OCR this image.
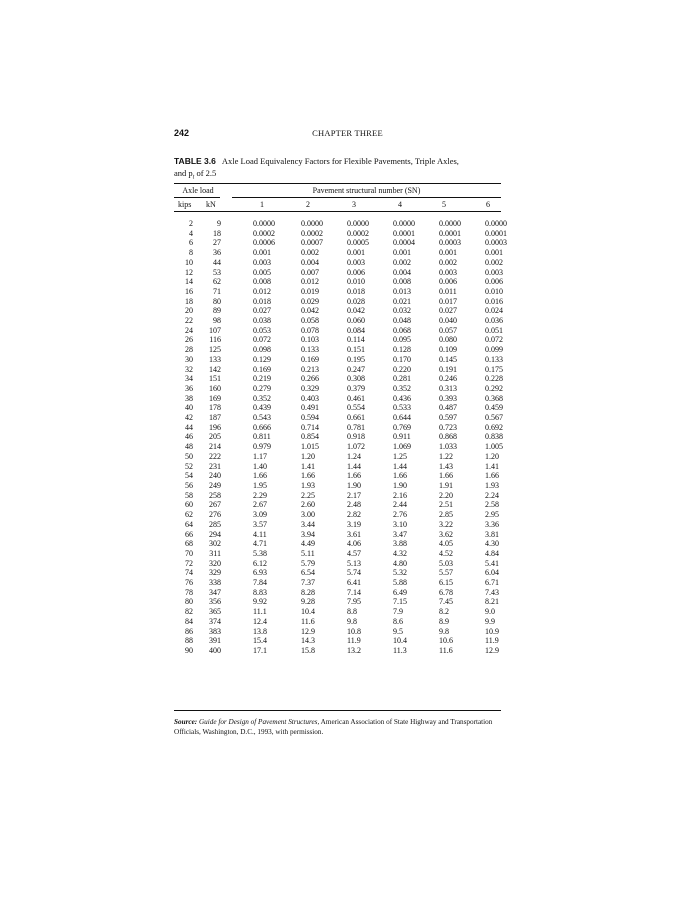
242	CHAPTER THREE
TABLE 3.6 Axle Load Equivalency Factors for Flexible Pavements, Triple Axles,
and $p_t$ of 2.5
Axle load	Pavement structural number (SN)
kips kN	1	2	3	4	5	6
2	9	0.0000	0.0000	0.0000	0.0000	0.0000	0.0000
4	18	0.0002	0.0002	0.0002	0.0001	0.0001	0.0001
6	27	0.0006	0.0007	0.0005	0.0004	0.0003	0.0003
8	36	0.001	0.002	0.001	0.001	0.001	0.001
10	44	0.003	0.004	0.003	0.002	0.002	0.002
12	53	0.005	0.007	0.006	0.004	0.003	0.003
14	62	0.008	0.012	0.010	0.008	0.006	0.006
16	71	0.012	0.019	0.018	0.013	0.011	0.010
18	80	0.018	0.029	0.028	0.021	0.017	0.016
20	89	0.027	0.042	0.042	0.032	0.027	0.024
22	98	0.038	0.058	0.060	0.048	0.040	0.036
24	107	0.053	0.078	0.084	0.068	0.057	0.051
26	116	0.072	0.103	0.114	0.095	0.080	0.072
28	125	0.098	0.133	0.151	0.128	0.109	0.099
30	133	0.129	0.169	0.195	0.170	0.145	0.133
32	142	0.169	0.213	0.247	0.220	0.191	0.175
34	151	0.219	0.266	0.308	0.281	0.246	0.228
36	160	0.279	0.329	0.379	0.352	0.313	0.292
38	169	0.352	0.403	0.461	0.436	0.393	0.368
40	178	0.439	0.491	0.554	0.533	0.487	0.459
42	187	0.543	0.594	0.661	0.644	0.597	0.567
44	196	0.666	0.714	0.781	0.769	0.723	0.692
46	205	0.811	0.854	0.918	0.911	0.868	0.838
48	214	0.979	1.015	1.072	1.069	1.033	1.005
50	222	1.17	1.20	1.24	1.25	1.22	1.20
52	231	1.40	1.41	1.44	1.44	1.43	1.41
54	240	1.66	1.66	1.66	1.66	1.66	1.66
56	249	1.95	1.93	1.90	1.90	1.91	1.93
58	258	2.29	2.25	2.17	2.16	2.20	2.24
60	267	2.67	2.60	2.48	2.44	2.51	2.58
62	276	3.09	3.00	2.82	2.76	2.85	2.95
64	285	3.57	3.44	3.19	3.10	3.22	3.36
66	294	4.11	3.94	3.61	3.47	3.62	3.81
68	302	4.71	4.49	4.06	3.88	4.05	4.30
70	311	5.38	5.11	4.57	4.32	4.52	4.84
72	320	6.12	5.79	5.13	4.80	5.03	5.41
74	329	6.93	6.54	5.74	5.32	5.57	6.04
76	338	7.84	7.37	6.41	5.88	6.15	6.71
78	347	8.83	8.28	7.14	6.49	6.78	7.43
80	356	9.92	9.28	7.95	7.15	7.45	8.21
82	365	11.1	10.4	8.8	7.9	8.2	9.0
84	374	12.4	11.6	9.8	8.6	8.9	9.9
86	383	13.8	12.9	10.8	9.5	9.8	10.9
88	391	15.4	14.3	11.9	10.4	10.6	11.9
90	400	17.1	15.8	13.2	11.3	11.6	12.9
Source: Guide for Design of Pavement Structures, American Association of State Highway and Transportation Officials, Washington, D.C., 1993, with permission.
